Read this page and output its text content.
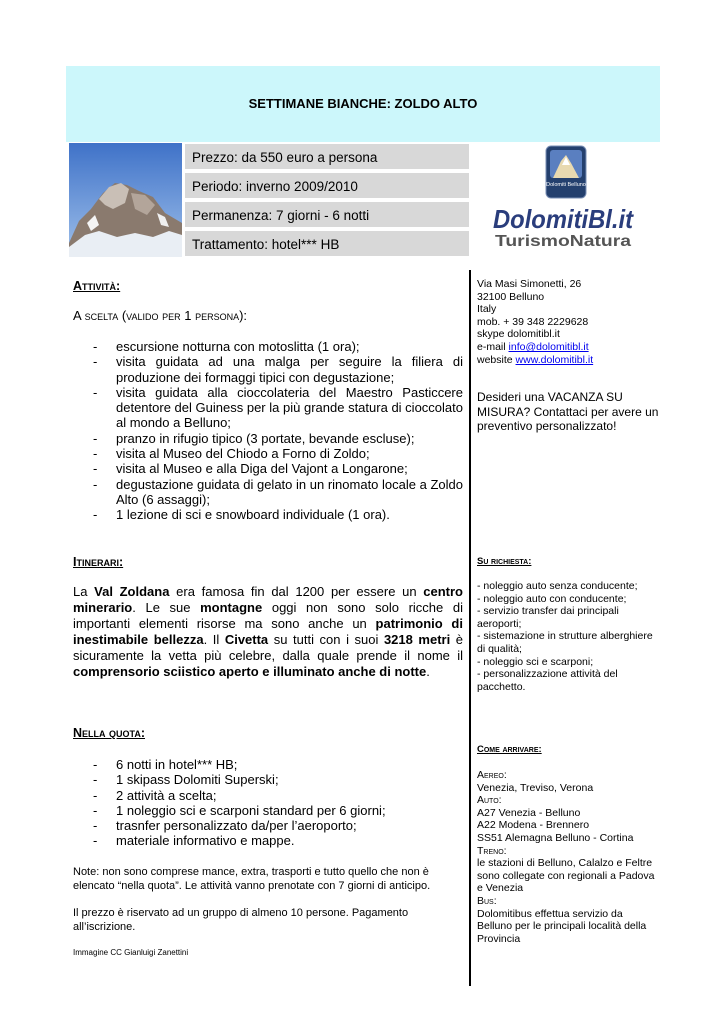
SETTIMANE BIANCHE: ZOLDO ALTO
Prezzo: da 550 euro a persona
Periodo: inverno 2009/2010
Permanenza: 7 giorni - 6 notti
Trattamento: hotel*** HB
Dolomiti Belluno
DolomitiBl.it
TurismoNatura
Attività:
A scelta (valido per 1 persona):
- escursione notturna con motoslitta (1 ora);
- visita guidata ad una malga per seguire la filiera di produzione dei formaggi tipici con degustazione;
- visita guidata alla cioccolateria del Maestro Pasticcere detentore del Guiness per la più grande statura di cioccolato al mondo a Belluno;
- pranzo in rifugio tipico (3 portate, bevande escluse);
- visita al Museo del Chiodo a Forno di Zoldo;
- visita al Museo e alla Diga del Vajont a Longarone;
- degustazione guidata di gelato in un rinomato locale a Zoldo Alto (6 assaggi);
- 1 lezione di sci e snowboard individuale (1 ora).
Itinerari:
La Val Zoldana era famosa fin dal 1200 per essere un centro minerario. Le sue montagne oggi non sono solo ricche di importanti elementi risorse ma sono anche un patrimonio di inestimabile bellezza. Il Civetta su tutti con i suoi 3218 metri è sicuramente la vetta più celebre, dalla quale prende il nome il comprensorio sciistico aperto e illuminato anche di notte.
Nella quota:
- 6 notti in hotel*** HB;
- 1 skipass Dolomiti Superski;
- 2 attività a scelta;
- 1 noleggio sci e scarponi standard per 6 giorni;
- trasnfer personalizzato da/per l’aeroporto;
- materiale informativo e mappe.
Note: non sono comprese mance, extra, trasporti e tutto quello che non è elencato “nella quota”. Le attività vanno prenotate con 7 giorni di anticipo.
Il prezzo è riservato ad un gruppo di almeno 10 persone. Pagamento all’iscrizione.
Immagine CC Gianluigi Zanettini
Via Masi Simonetti, 26
32100 Belluno
Italy
mob. + 39 348 2229628
skype dolomitibl.it
e-mail info@dolomitibl.it
website www.dolomitibl.it
Desideri una VACANZA SU MISURA? Contattaci per avere un preventivo personalizzato!
Su richiesta:
- noleggio auto senza conducente;
- noleggio auto con conducente;
- servizio transfer dai principali aeroporti;
- sistemazione in strutture alberghiere di qualità;
- noleggio sci e scarponi;
- personalizzazione attività del pacchetto.
Come arrivare:
Aereo:
Venezia, Treviso, Verona
Auto:
A27 Venezia - Belluno
A22 Modena - Brennero
SS51 Alemagna Belluno - Cortina
Treno:
le stazioni di Belluno, Calalzo e Feltre sono collegate con regionali a Padova e Venezia
Bus:
Dolomitibus effettua servizio da Belluno per le principali località della Provincia
